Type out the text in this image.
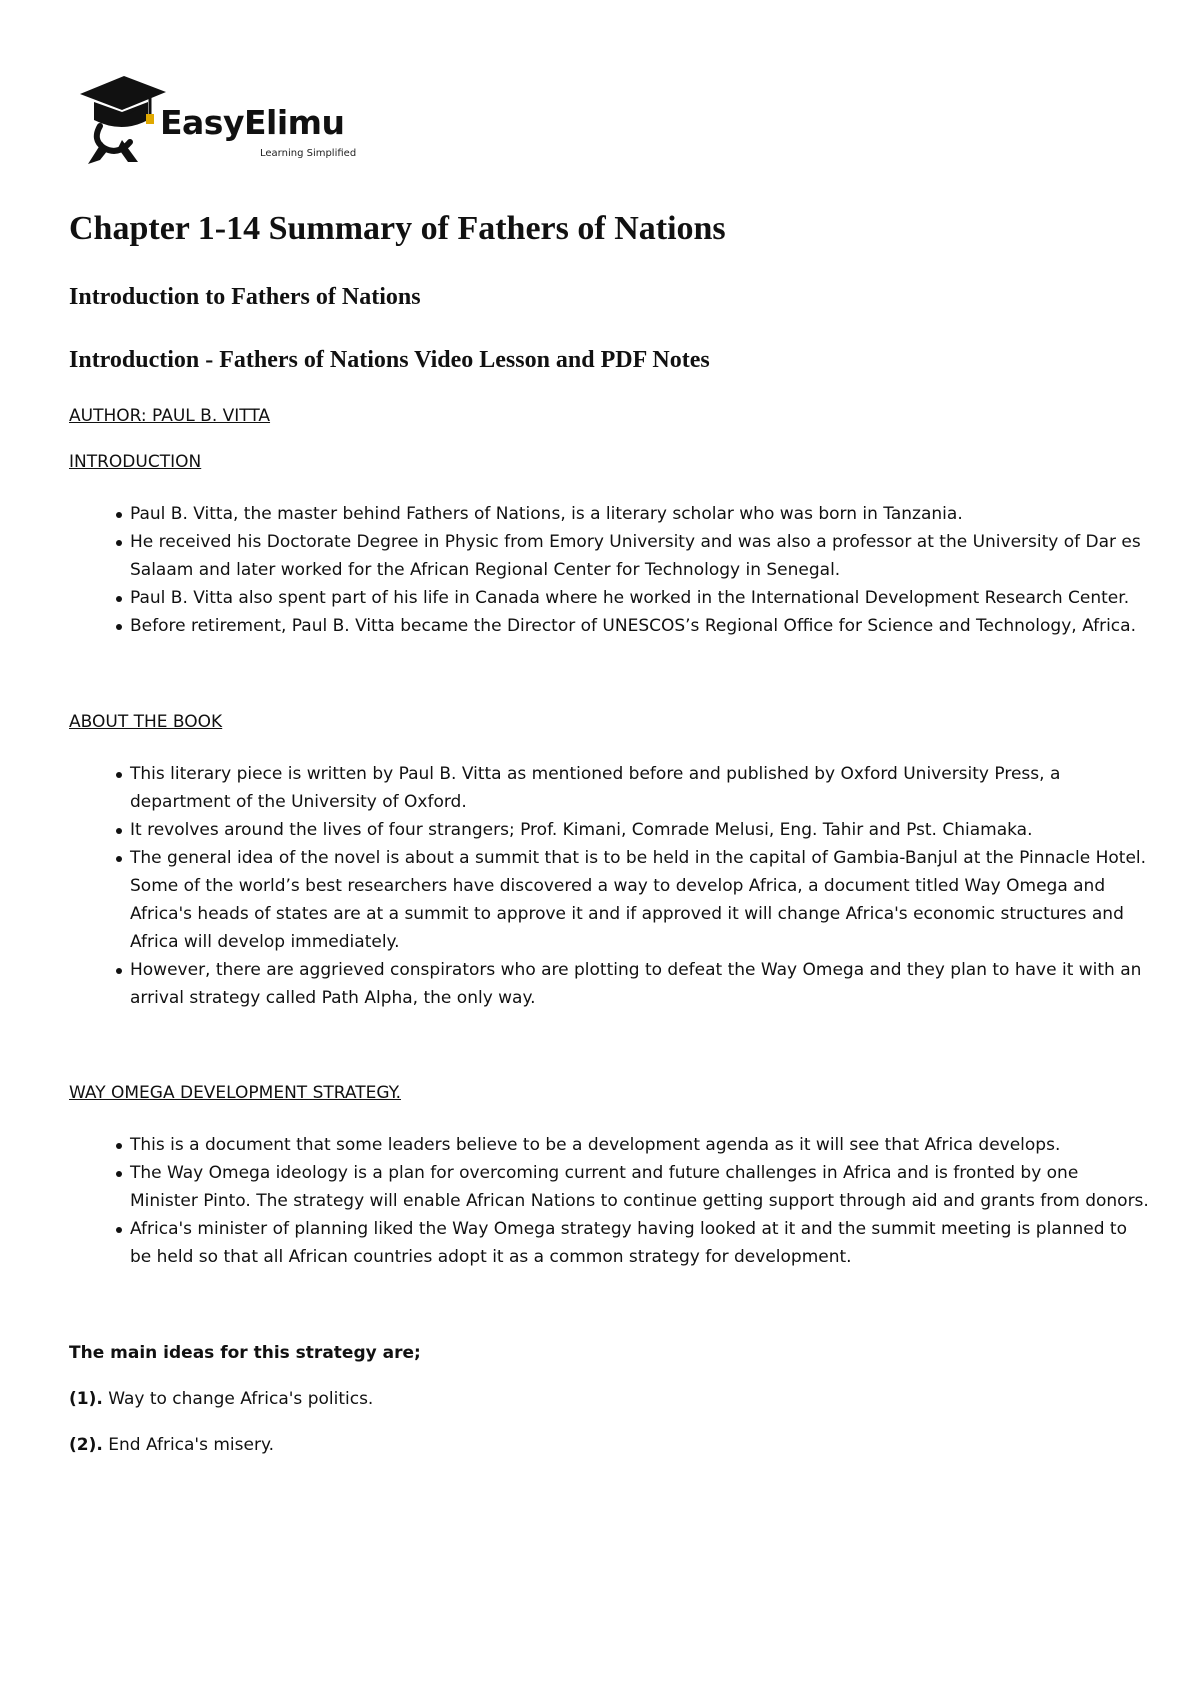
EasyElimu
Learning Simplified
Chapter 1-14 Summary of Fathers of Nations
Introduction to Fathers of Nations
Introduction - Fathers of Nations Video Lesson and PDF Notes

AUTHOR: PAUL B. VITTA

INTRODUCTION

Paul B. Vitta, the master behind Fathers of Nations, is a literary scholar who was born in Tanzania.
He received his Doctorate Degree in Physic from Emory University and was also a professor at the University of Dar es Salaam and later worked for the African Regional Center for Technology in Senegal.
Paul B. Vitta also spent part of his life in Canada where he worked in the International Development Research Center.
Before retirement, Paul B. Vitta became the Director of UNESCOS’s Regional Office for Science and Technology, Africa.

ABOUT THE BOOK

This literary piece is written by Paul B. Vitta as mentioned before and published by Oxford University Press, a department of the University of Oxford.
It revolves around the lives of four strangers; Prof. Kimani, Comrade Melusi, Eng. Tahir and Pst. Chiamaka.
The general idea of the novel is about a summit that is to be held in the capital of Gambia-Banjul at the Pinnacle Hotel. Some of the world’s best researchers have discovered a way to develop Africa, a document titled Way Omega and Africa's heads of states are at a summit to approve it and if approved it will change Africa's economic structures and Africa will develop immediately.
However, there are aggrieved conspirators who are plotting to defeat the Way Omega and they plan to have it with an arrival strategy called Path Alpha, the only way.

WAY OMEGA DEVELOPMENT STRATEGY.

This is a document that some leaders believe to be a development agenda as it will see that Africa develops.
The Way Omega ideology is a plan for overcoming current and future challenges in Africa and is fronted by one Minister Pinto. The strategy will enable African Nations to continue getting support through aid and grants from donors.
Africa's minister of planning liked the Way Omega strategy having looked at it and the summit meeting is planned to be held so that all African countries adopt it as a common strategy for development.

The main ideas for this strategy are;

(1). Way to change Africa's politics.

(2). End Africa's misery.
